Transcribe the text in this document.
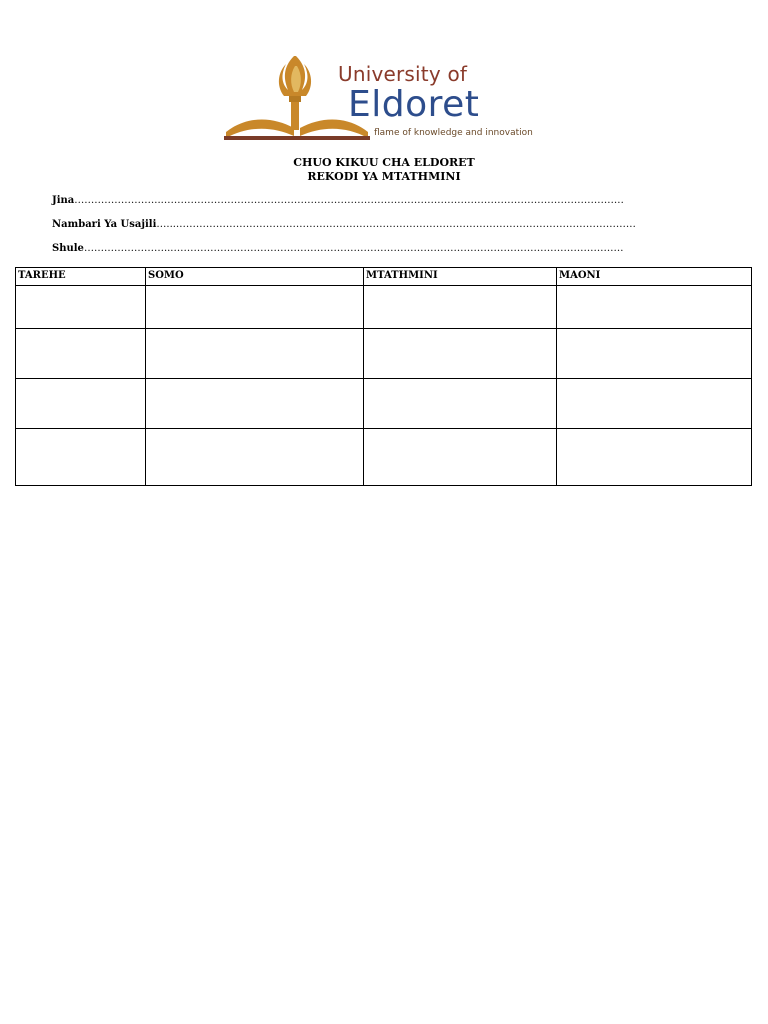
University of
Eldoret
flame of knowledge and innovation
CHUO KIKUU CHA ELDORET
REKODI YA MTATHMINI
Jina……………………...…………………………………………………………………………………………………………………………
Nambari Ya Usajili…...…………………………………………………………………………………………………………………………
Shule……………………...………………………………………………………………………………………………………………………
TAREHE	SOMO	MTATHMINI	MAONI
